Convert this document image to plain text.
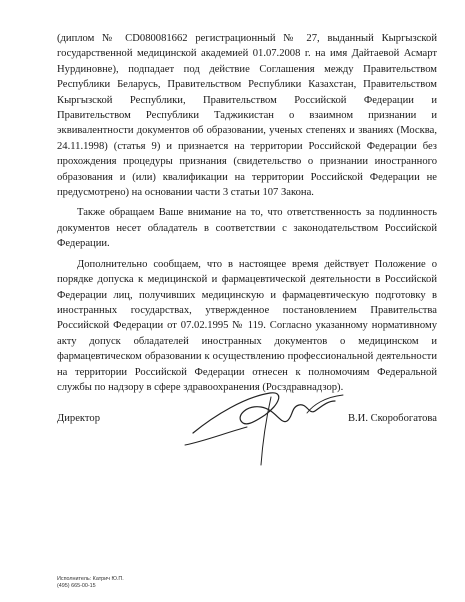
(диплом № CD080081662 регистрационный № 27, выданный Кыргызской государственной медицинской академией 01.07.2008 г. на имя Дайтаевой Асмарт Нурдиновне), подпадает под действие Соглашения между Правительством Республики Беларусь, Правительством Республики Казахстан, Правительством Кыргызской Республики, Правительством Российской Федерации и Правительством Республики Таджикистан о взаимном признании и эквивалентности документов об образовании, ученых степенях и званиях (Москва, 24.11.1998) (статья 9) и признается на территории Российской Федерации без прохождения процедуры признания (свидетельство о признании иностранного образования и (или) квалификации на территории Российской Федерации не предусмотрено) на основании части 3 статьи 107 Закона.

Также обращаем Ваше внимание на то, что ответственность за подлинность документов несет обладатель в соответствии с законодательством Российской Федерации.

Дополнительно сообщаем, что в настоящее время действует Положение о порядке допуска к медицинской и фармацевтической деятельности в Российской Федерации лиц, получивших медицинскую и фармацевтическую подготовку в иностранных государствах, утвержденное постановлением Правительства Российской Федерации от 07.02.1995 № 119. Согласно указанному нормативному акту допуск обладателей иностранных документов о медицинском и фармацевтическом образовании к осуществлению профессиональной деятельности на территории Российской Федерации отнесен к полномочиям Федеральной службы по надзору в сфере здравоохранения (Росздравнадзор).

Директор	В.И. Скоробогатова
Исполнитель: Катрич Ю.П.
(495) 665-00-15
